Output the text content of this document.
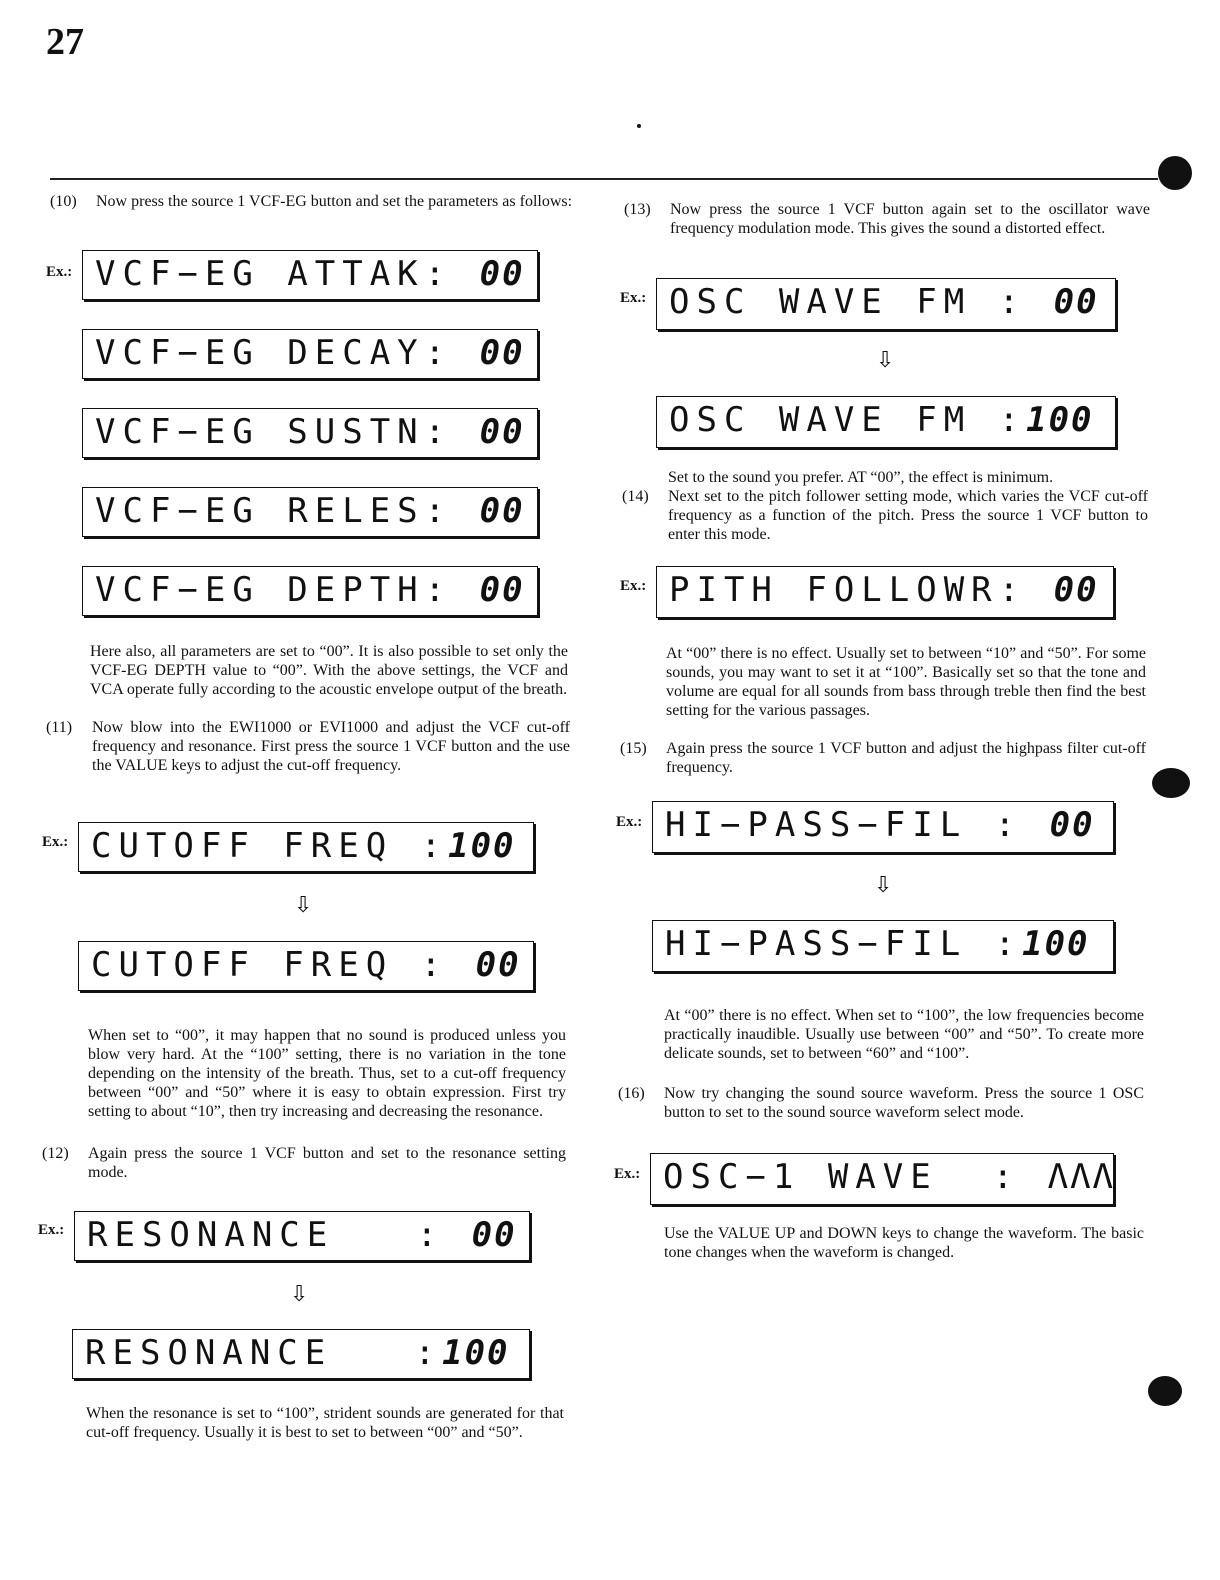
27
(10) Now press the source 1 VCF-EG button and set the parameters as follows:
Ex.: VCF−EG ATTAK: 00
VCF−EG DECAY: 00
VCF−EG SUSTN: 00
VCF−EG RELES: 00
VCF−EG DEPTH: 00

Here also, all parameters are set to “00”. It is also possible to set only the VCF-EG DEPTH value to “00”. With the above settings, the VCF and VCA operate fully according to the acoustic envelope output of the breath.

(11) Now blow into the EWI1000 or EVI1000 and adjust the VCF cut-off frequency and resonance. First press the source 1 VCF button and the use the VALUE keys to adjust the cut-off frequency.
Ex.: CUTOFF FREQ :100
⇩
CUTOFF FREQ : 00

When set to “00”, it may happen that no sound is produced unless you blow very hard. At the “100” setting, there is no variation in the tone depending on the intensity of the breath. Thus, set to a cut-off frequency between “00” and “50” where it is easy to obtain expression. First try setting to about “10”, then try increasing and decreasing the resonance.

(12) Again press the source 1 VCF button and set to the resonance setting mode.
Ex.: RESONANCE   : 00
⇩
RESONANCE   :100

When the resonance is set to “100”, strident sounds are generated for that cut-off frequency. Usually it is best to set to between “00” and “50”.

(13) Now press the source 1 VCF button again set to the oscillator wave frequency modulation mode. This gives the sound a distorted effect.
Ex.: OSC WAVE FM : 00
⇩
OSC WAVE FM :100

Set to the sound you prefer. AT “00”, the effect is minimum.

(14) Next set to the pitch follower setting mode, which varies the VCF cut-off frequency as a function of the pitch. Press the source 1 VCF button to enter this mode.
Ex.: PITH FOLLOWR: 00

At “00” there is no effect. Usually set to between “10” and “50”. For some sounds, you may want to set it at “100”. Basically set so that the tone and volume are equal for all sounds from bass through treble then find the best setting for the various passages.

(15) Again press the source 1 VCF button and adjust the highpass filter cut-off frequency.
Ex.: HI−PASS−FIL : 00
⇩
HI−PASS−FIL :100

At “00” there is no effect. When set to “100”, the low frequencies become practically inaudible. Usually use between “00” and “50”. To create more delicate sounds, set to between “60” and “100”.

(16) Now try changing the sound source waveform. Press the source 1 OSC button to set to the sound source waveform select mode.
Ex.: OSC−1 WAVE  : ΛΛΛ

Use the VALUE UP and DOWN keys to change the waveform. The basic tone changes when the waveform is changed.
